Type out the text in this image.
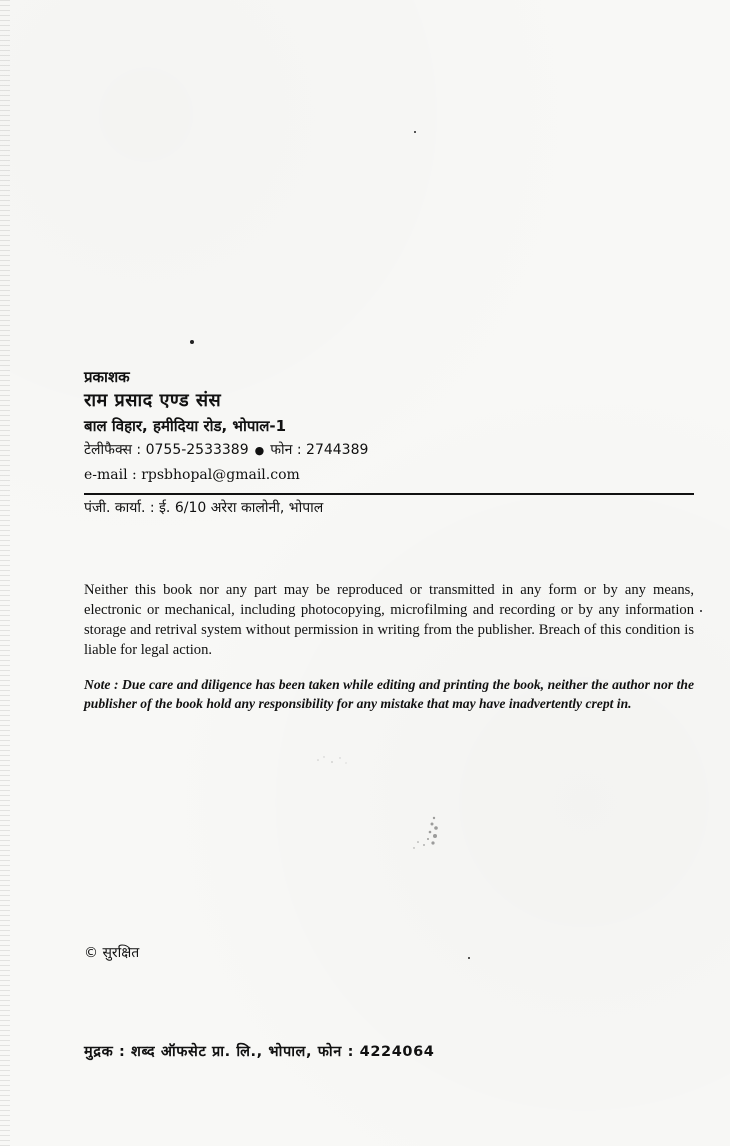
प्रकाशक
राम प्रसाद एण्ड संस
बाल विहार, हमीदिया रोड, भोपाल-1
टेलीफैक्स : 0755-2533389 ● फोन : 2744389
e-mail : rpsbhopal@gmail.com
पंजी. कार्या. : ई. 6/10 अरेरा कालोनी, भोपाल

Neither this book nor any part may be reproduced or transmitted in any form or by any means, electronic or mechanical, including photocopying, microfilming and recording or by any information storage and retrival system without permission in writing from the publisher. Breach of this condition is liable for legal action.

Note : Due care and diligence has been taken while editing and printing the book, neither the author nor the publisher of the book hold any responsibility for any mistake that may have inadvertently crept in.

© सुरक्षित
मुद्रक : शब्द ऑफसेट प्रा. लि., भोपाल, फोन : 4224064
